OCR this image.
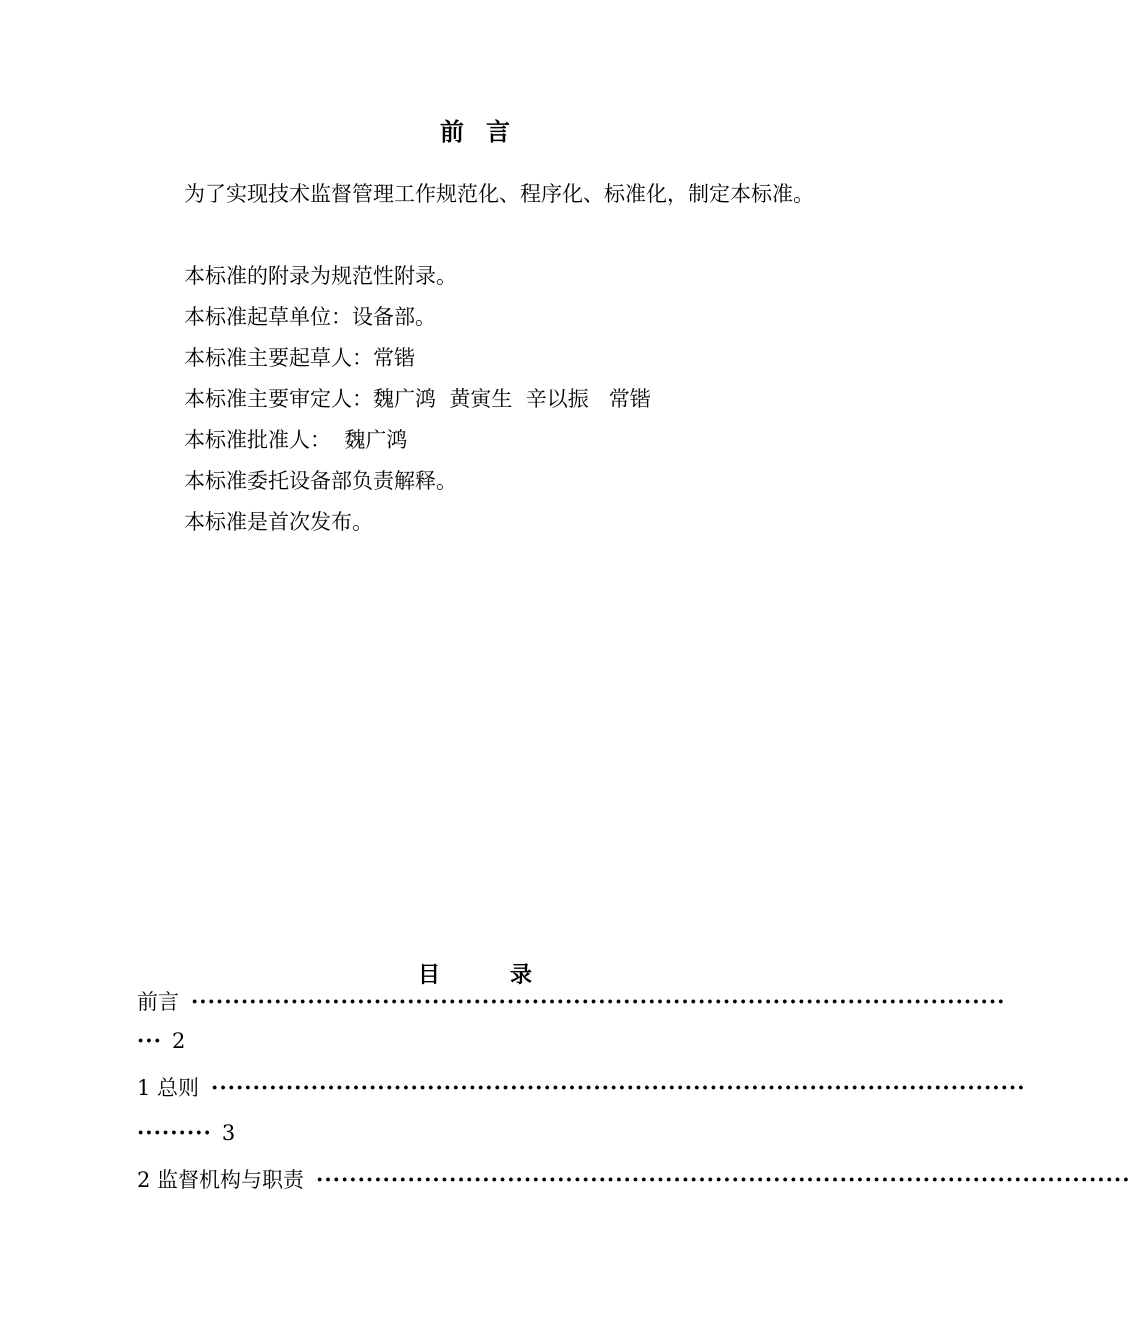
前言

为了实现技术监督管理工作规范化、程序化、标准化，制定本标准。

本标准的附录为规范性附录。

本标准起草单位：设备部。

本标准主要起草人：常锴

本标准主要审定人：魏广鸿  黄寅生  辛以振   常锴

本标准批准人：  魏广鸿

本标准委托设备部负责解释。

本标准是首次发布。

目录
前言 ··································································································
··· 2
1 总则 ··································································································
········· 3
2 监督机构与职责 ··································································································
